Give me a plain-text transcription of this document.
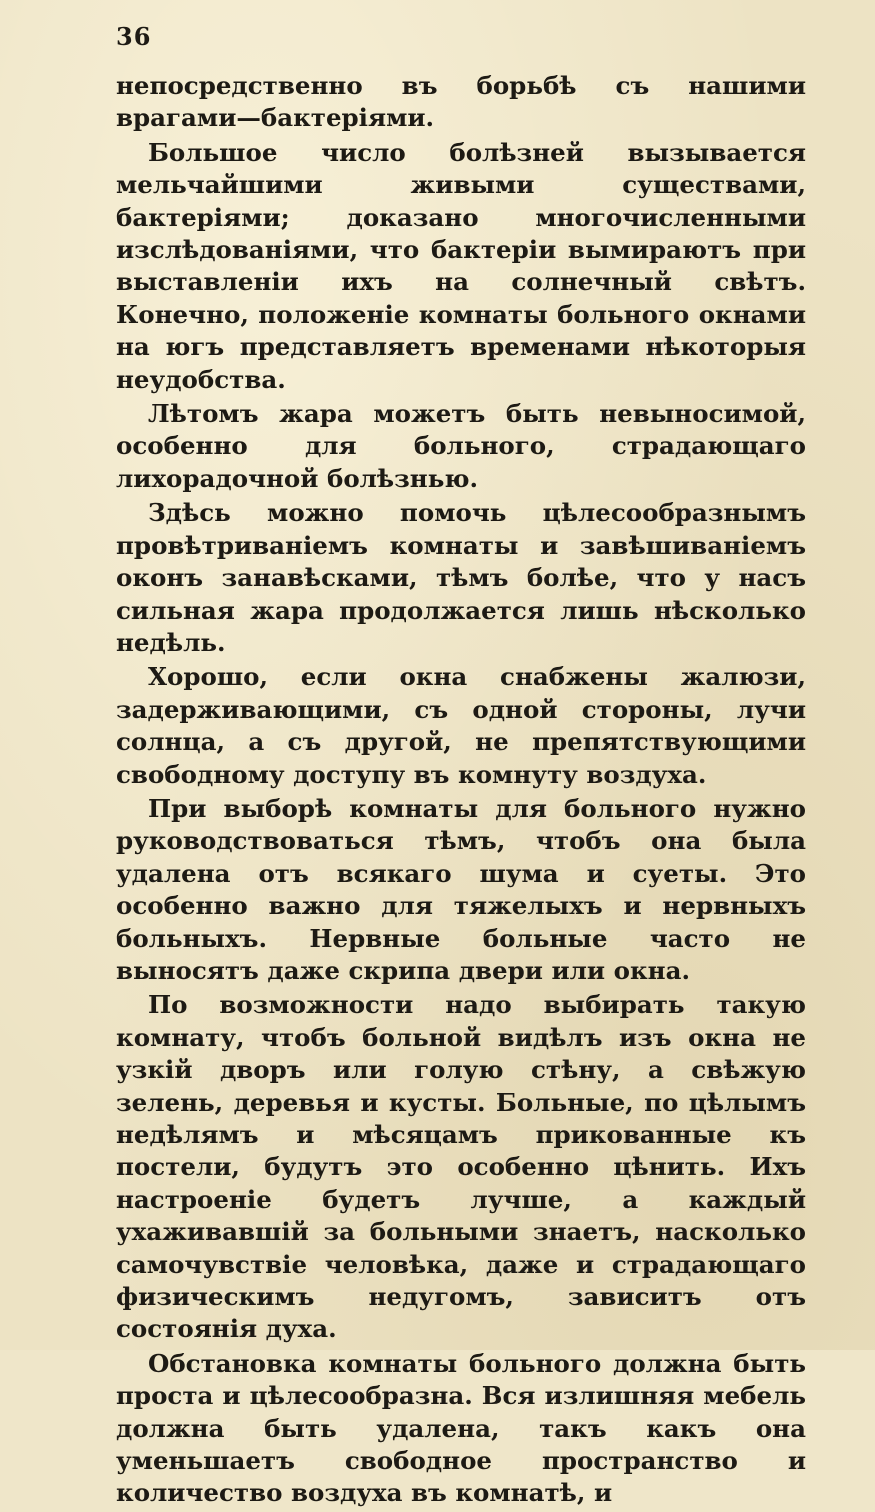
36

непосредственно въ борьбѣ съ нашими врагами—бактеріями.

Большое число болѣзней вызывается мельчайшими живыми существами, бактеріями; доказано многочисленными изслѣдованіями, что бактеріи вымираютъ при выставленіи ихъ на солнечный свѣтъ. Конечно, положеніе комнаты больного окнами на югъ представляетъ временами нѣкоторыя неудобства.

Лѣтомъ жара можетъ быть невыносимой, особенно для больного, страдающаго лихорадочной болѣзнью.

Здѣсь можно помочь цѣлесообразнымъ провѣтриваніемъ комнаты и завѣшиваніемъ оконъ занавѣсками, тѣмъ болѣе, что у насъ сильная жара продолжается лишь нѣсколько недѣль.

Хорошо, если окна снабжены жалюзи, задерживающими, съ одной стороны, лучи солнца, а съ другой, не препятствующими свободному доступу въ комнуту воздуха.

При выборѣ комнаты для больного нужно руководствоваться тѣмъ, чтобъ она была удалена отъ всякаго шума и суеты. Это особенно важно для тяжелыхъ и нервныхъ больныхъ. Нервные больные часто не выносятъ даже скрипа двери или окна.

По возможности надо выбирать такую комнату, чтобъ больной видѣлъ изъ окна не узкій дворъ или голую стѣну, а свѣжую зелень, деревья и кусты. Больные, по цѣлымъ недѣлямъ и мѣсяцамъ прикованные къ постели, будутъ это особенно цѣнить. Ихъ настроеніе будетъ лучше, а каждый ухаживавшій за больными знаетъ, насколько самочувствіе человѣка, даже и страдающаго физическимъ недугомъ, зависитъ отъ состоянія духа.

Обстановка комнаты больного должна быть проста и цѣлесообразна. Вся излишняя мебель должна быть удалена, такъ какъ она уменьшаетъ свободное пространство и количество воздуха въ комнатѣ, и
